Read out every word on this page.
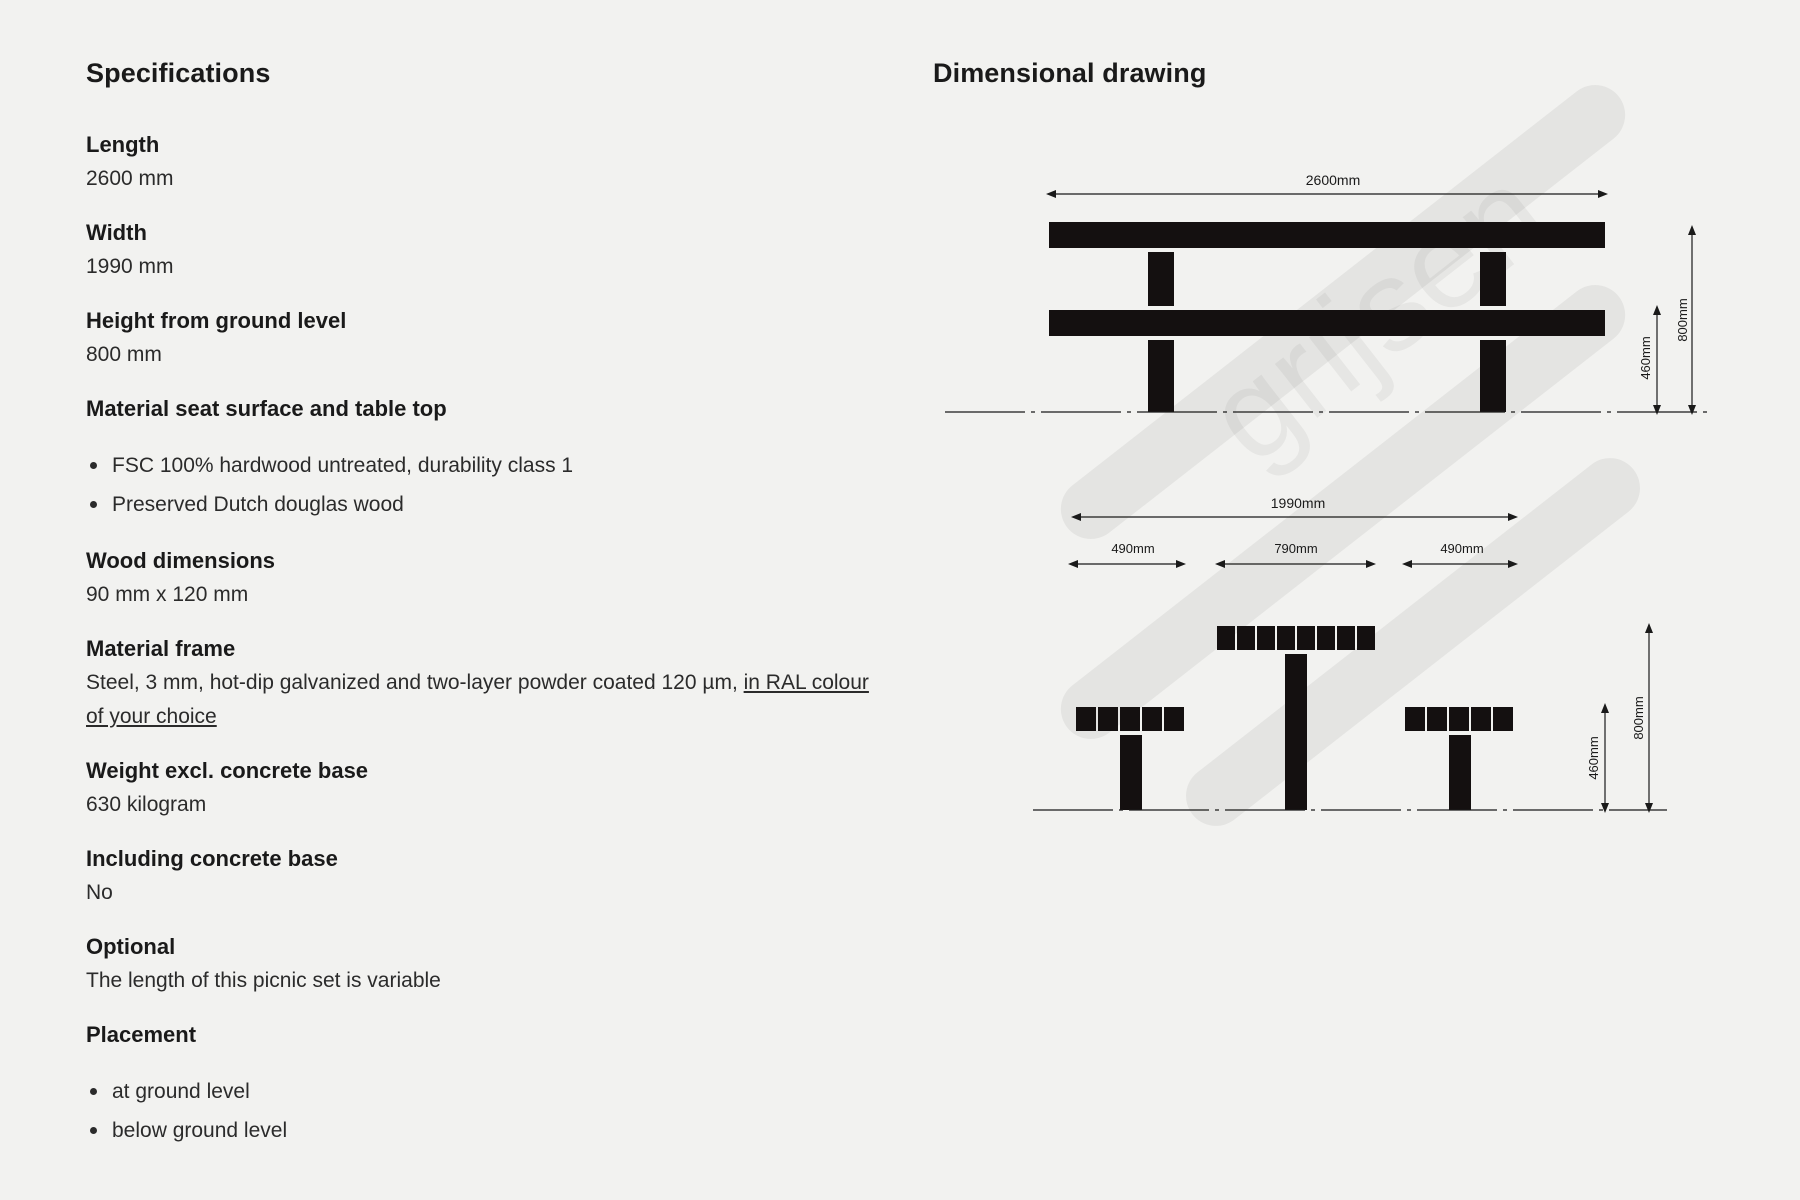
Specifications
Length
2600 mm
Width
1990 mm
Height from ground level
800 mm
Material seat surface and table top
FSC 100% hardwood untreated, durability class 1
Preserved Dutch douglas wood
Wood dimensions
90 mm x 120 mm
Material frame
Steel, 3 mm, hot-dip galvanized and two-layer powder coated 120 µm, in RAL colour of your choice
Weight excl. concrete base
630 kilogram
Including concrete base
No
Optional
The length of this picnic set is variable
Placement
at ground level
below ground level
Dimensional drawing
2600mm
460mm
800mm
1990mm
490mm	790mm	490mm
460mm
800mm
